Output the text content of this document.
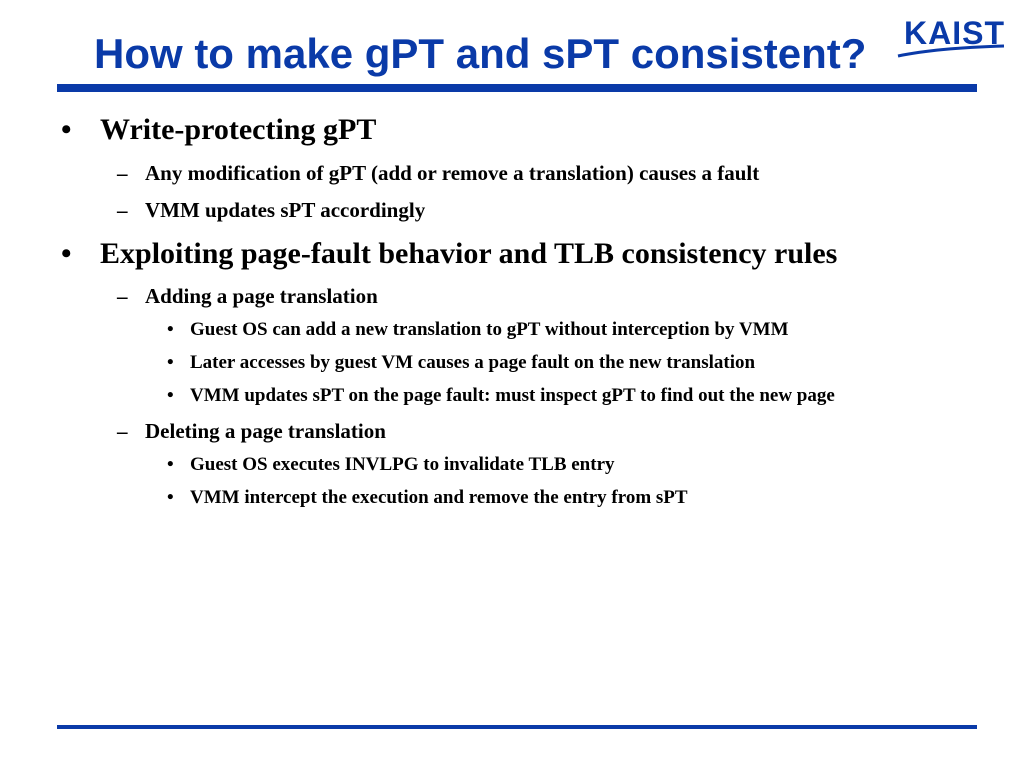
How to make gPT and sPT consistent? KAIST
• Write-protecting gPT
– Any modification of gPT (add or remove a translation) causes a fault
– VMM updates sPT accordingly
• Exploiting page-fault behavior and TLB consistency rules
– Adding a page translation
• Guest OS can add a new translation to gPT without interception by VMM
• Later accesses by guest VM causes a page fault on the new translation
• VMM updates sPT on the page fault: must inspect gPT to find out the new page
– Deleting a page translation
• Guest OS executes INVLPG to invalidate TLB entry
• VMM intercept the execution and remove the entry from sPT
